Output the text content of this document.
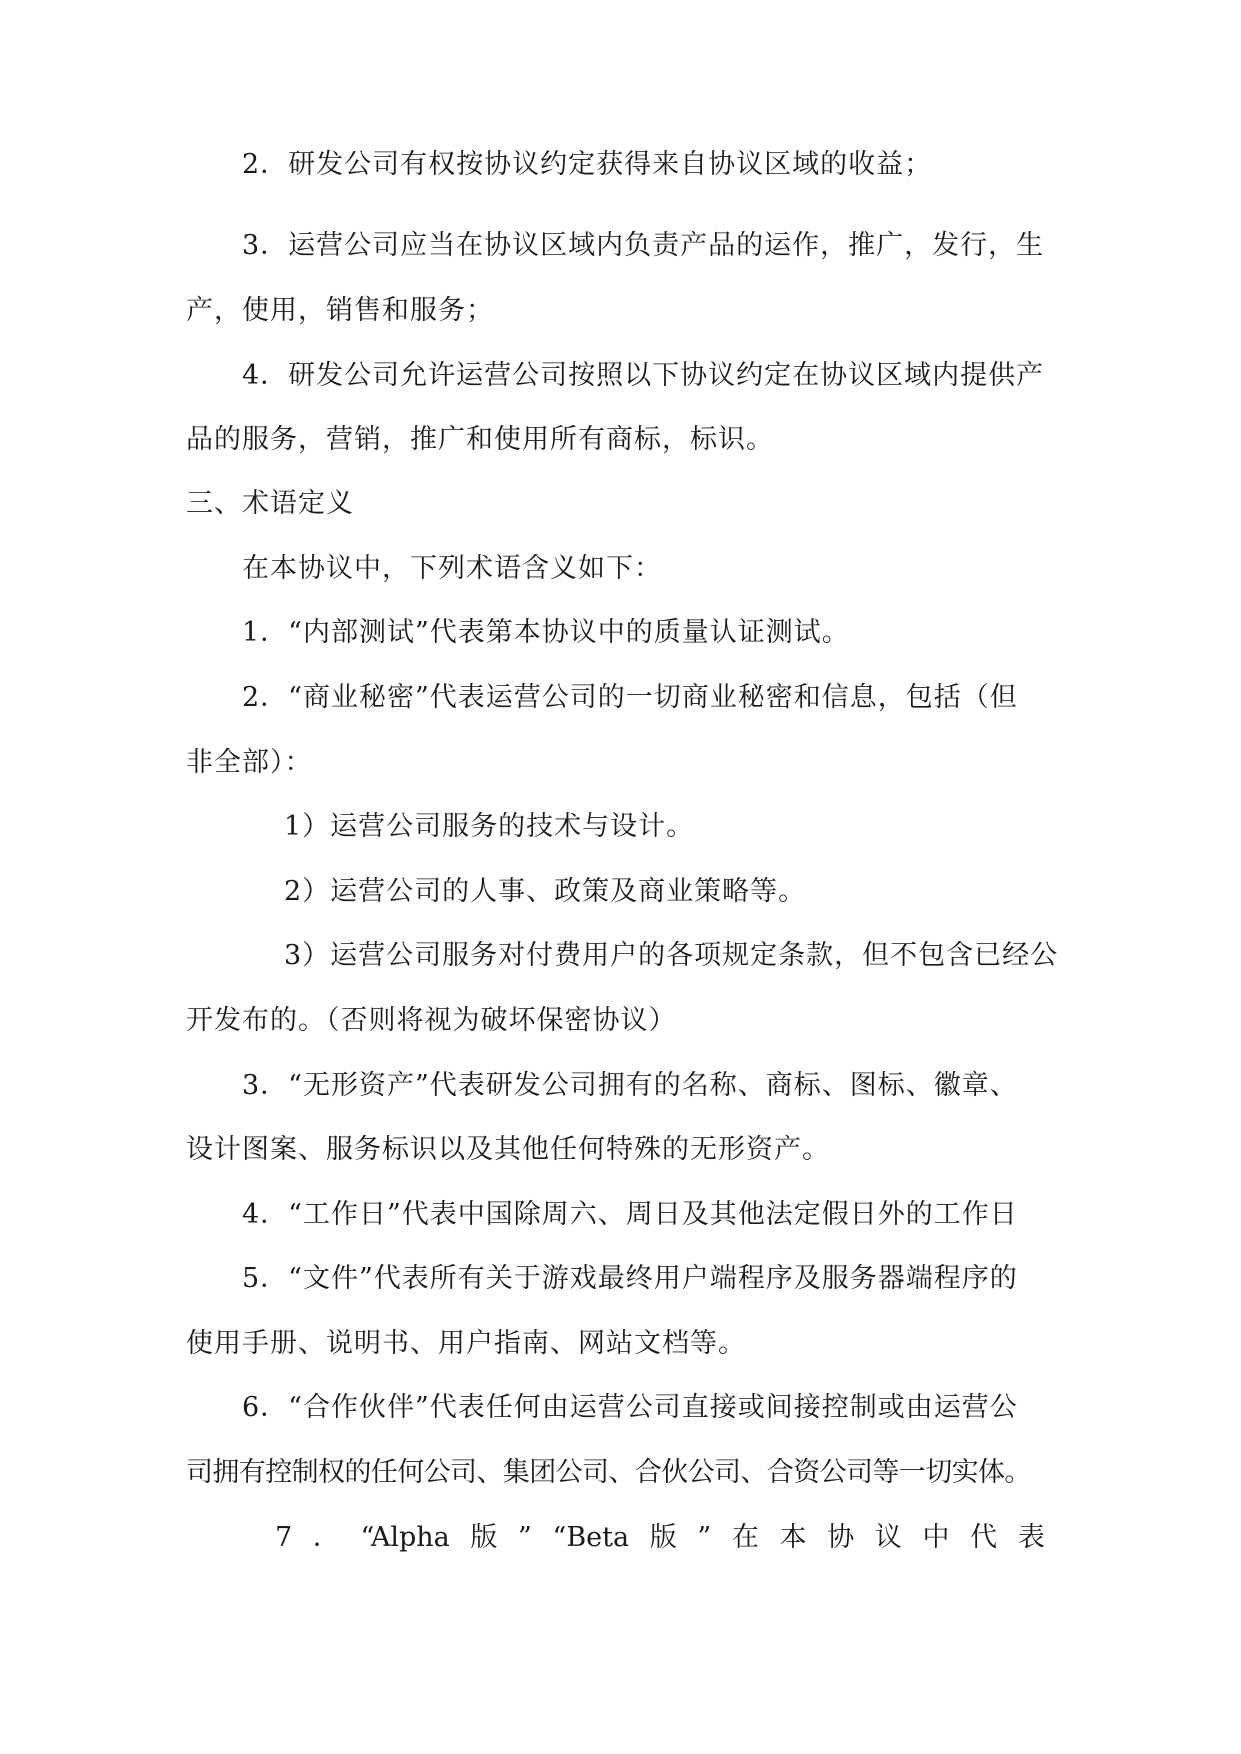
2．研发公司有权按协议约定获得来自协议区域的收益；
3．运营公司应当在协议区域内负责产品的运作，推广，发行，生
产，使用，销售和服务；
4．研发公司允许运营公司按照以下协议约定在协议区域内提供产
品的服务，营销，推广和使用所有商标，标识。
三、术语定义
在本协议中，下列术语含义如下：
1．“内部测试”代表第本协议中的质量认证测试。
2．“商业秘密”代表运营公司的一切商业秘密和信息，包括（但
非全部）：
1）运营公司服务的技术与设计。
2）运营公司的人事、政策及商业策略等。
3）运营公司服务对付费用户的各项规定条款，但不包含已经公
开发布的。（否则将视为破坏保密协议）
3．“无形资产”代表研发公司拥有的名称、商标、图标、徽章、
设计图案、服务标识以及其他任何特殊的无形资产。
4．“工作日”代表中国除周六、周日及其他法定假日外的工作日
5．“文件”代表所有关于游戏最终用户端程序及服务器端程序的
使用手册、说明书、用户指南、网站文档等。
6．“合作伙伴”代表任何由运营公司直接或间接控制或由运营公
司拥有控制权的任何公司、集团公司、合伙公司、合资公司等一切实体。
7 ． “Alpha 版 ” “Beta 版 ” 在 本 协 议 中 代 表
